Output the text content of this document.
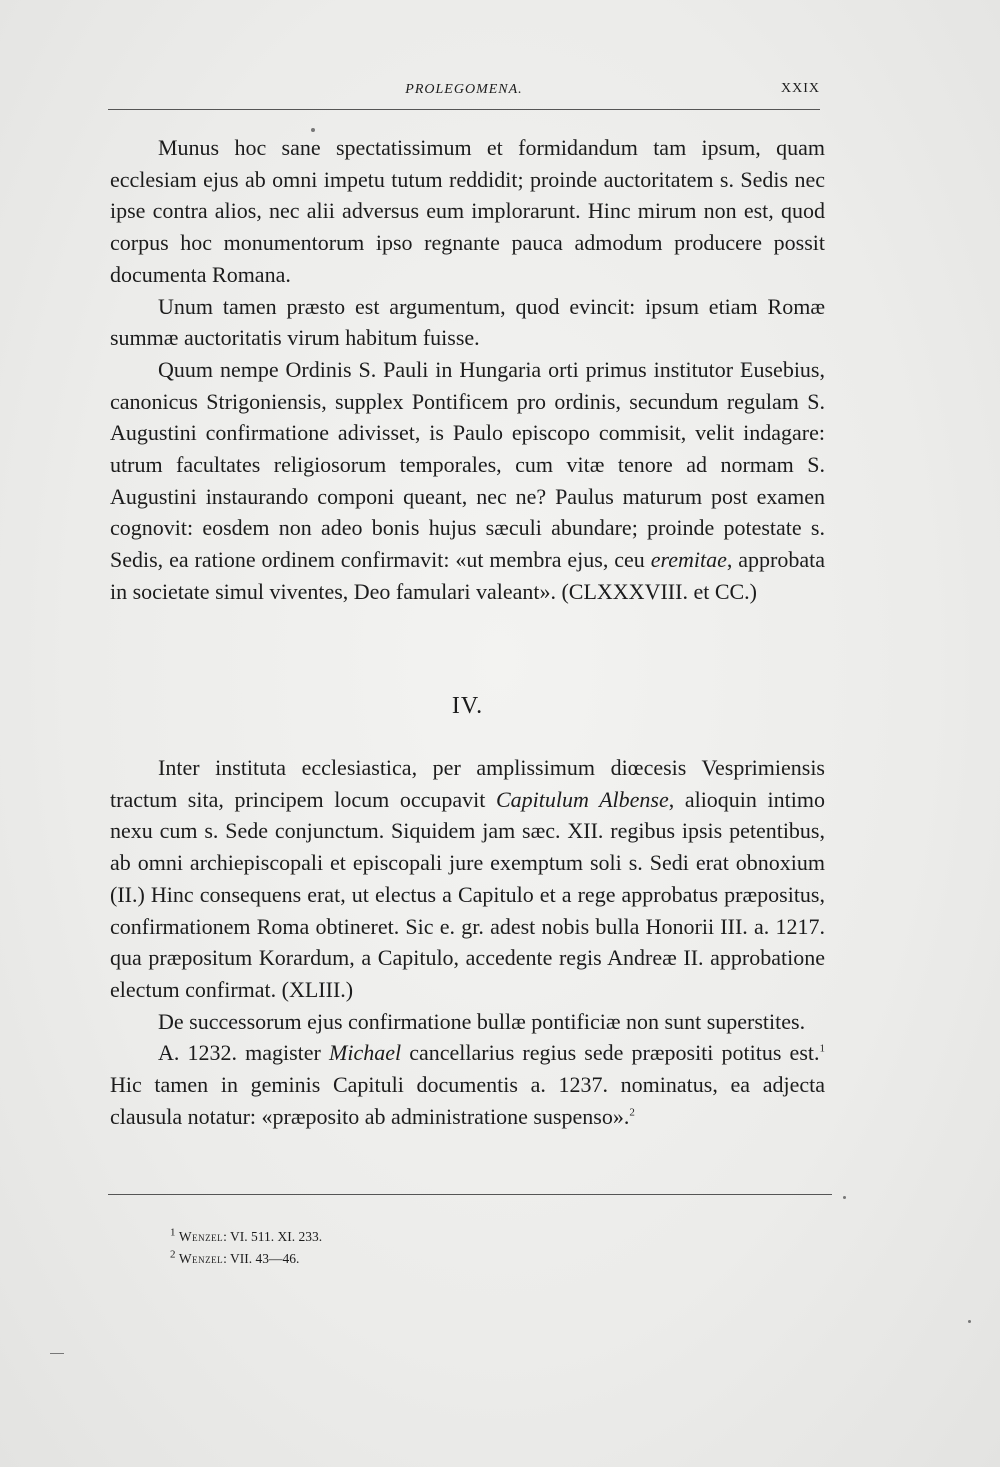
PROLEGOMENA.	XXIX

Munus hoc sane spectatissimum et formidandum tam ipsum, quam ecclesiam ejus ab omni impetu tutum reddidit; proinde auctoritatem s. Sedis nec ipse contra alios, nec alii adversus eum implorarunt. Hinc mirum non est, quod corpus hoc monumentorum ipso regnante pauca admodum producere possit documenta Romana.

Unum tamen præsto est argumentum, quod evincit: ipsum etiam Romæ summæ auctoritatis virum habitum fuisse.

Quum nempe Ordinis S. Pauli in Hungaria orti primus institutor Eusebius, canonicus Strigoniensis, supplex Pontificem pro ordinis, secundum regulam S. Augustini confirmatione adivisset, is Paulo episcopo commisit, velit indagare: utrum facultates religiosorum temporales, cum vitæ tenore ad normam S. Augustini instaurando componi queant, nec ne? Paulus maturum post examen cognovit: eosdem non adeo bonis hujus sæculi abundare; proinde potestate s. Sedis, ea ratione ordinem confirmavit: «ut membra ejus, ceu eremitae, approbata in societate simul viventes, Deo famulari valeant». (CLXXXVIII. et CC.)

IV.

Inter instituta ecclesiastica, per amplissimum diœcesis Vesprimiensis tractum sita, principem locum occupavit Capitulum Albense, alioquin intimo nexu cum s. Sede conjunctum. Siquidem jam sæc. XII. regibus ipsis petentibus, ab omni archiepiscopali et episcopali jure exemptum soli s. Sedi erat obnoxium (II.) Hinc consequens erat, ut electus a Capitulo et a rege approbatus præpositus, confirmationem Roma obtineret. Sic e. gr. adest nobis bulla Honorii III. a. 1217. qua præpositum Korardum, a Capitulo, accedente regis Andreæ II. approbatione electum confirmat. (XLIII.)

De successorum ejus confirmatione bullæ pontificiæ non sunt superstites.

A. 1232. magister Michael cancellarius regius sede præpositi potitus est.$^1$ Hic tamen in geminis Capituli documentis a. 1237. nominatus, ea adjecta clausula notatur: «præposito ab administratione suspenso».$^2$

$^1$ Wenzel: VI. 511. XI. 233.
$^2$ Wenzel: VII. 43—46.
